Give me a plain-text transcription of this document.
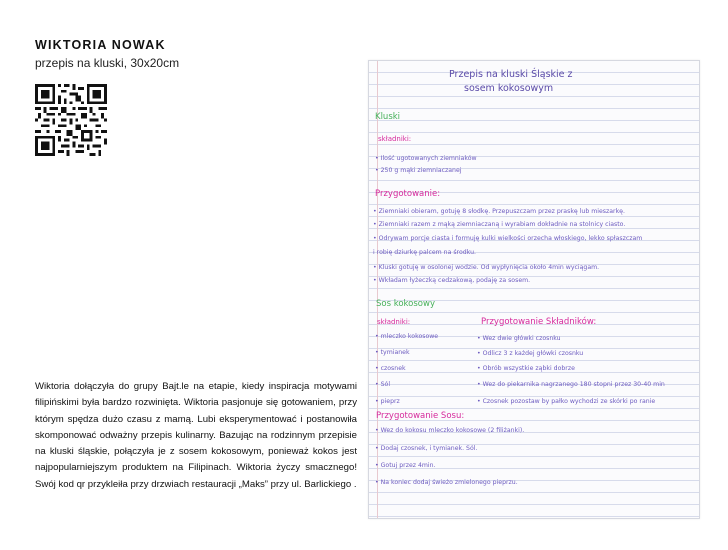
WIKTORIA NOWAK
przepis na kluski, 30x20cm
Wiktoria dołączyła do grupy Bajt.le na etapie, kiedy inspiracja motywami filipińskimi była bardzo rozwinięta. Wiktoria pasjonuje się gotowaniem, przy którym spędza dużo czasu z mamą. Lubi eksperymentować i postanowiła skomponować odważny przepis kulinarny. Bazując na rodzinnym przepisie na kluski śląskie, połączyła je z sosem kokosowym, ponieważ kokos jest najpopularniejszym produktem na Filipinach. Wiktoria życzy smacznego! Swój kod qr przykleiła przy drzwiach restauracji „Maks” przy ul. Barlickiego .
Przepis na kluski Śląskie z
sosem kokosowym
Kluski
składniki:
• Ilość ugotowanych ziemniaków
• 250 g mąki ziemniaczanej
Przygotowanie:
• Ziemniaki obieram, gotuję 8 słodkę. Przepuszczam przez praskę lub mieszarkę.
• Ziemniaki razem z mąką ziemniaczaną i wyrabiam dokładnie na stolnicy ciasto.
• Odrywam porcje ciasta i formuję kulki wielkości orzecha włoskiego, lekko spłaszczam
i robię dziurkę palcem na środku.
• Kluski gotuję w osolonej wodzie. Od wypłynięcia około 4min wyciągam.
• Wkładam łyżeczką cedzakową, podaję za sosem.
Sos kokosowy
składniki:
• mleczko kokosowe
• tymianek
• czosnek
• Sól
• pieprz
Przygotowanie Składników:
• Wez dwie główki czosnku
• Odlicz 3 z każdej główki czosnku
• Obrób wszystkie ząbki dobrze
• Wez do piekarnika nagrzanego 180 stopni przez 30-40 min
• Czosnek pozostaw by pałko wychodzi ze skórki po ranie
Przygotowanie Sosu:
• Wez do kokosu mleczko kokosowe (2 filiżanki).
• Dodaj czosnek, i tymianek. Sól.
• Gotuj przez 4min.
• Na koniec dodaj świeżo zmielonego pieprzu.
